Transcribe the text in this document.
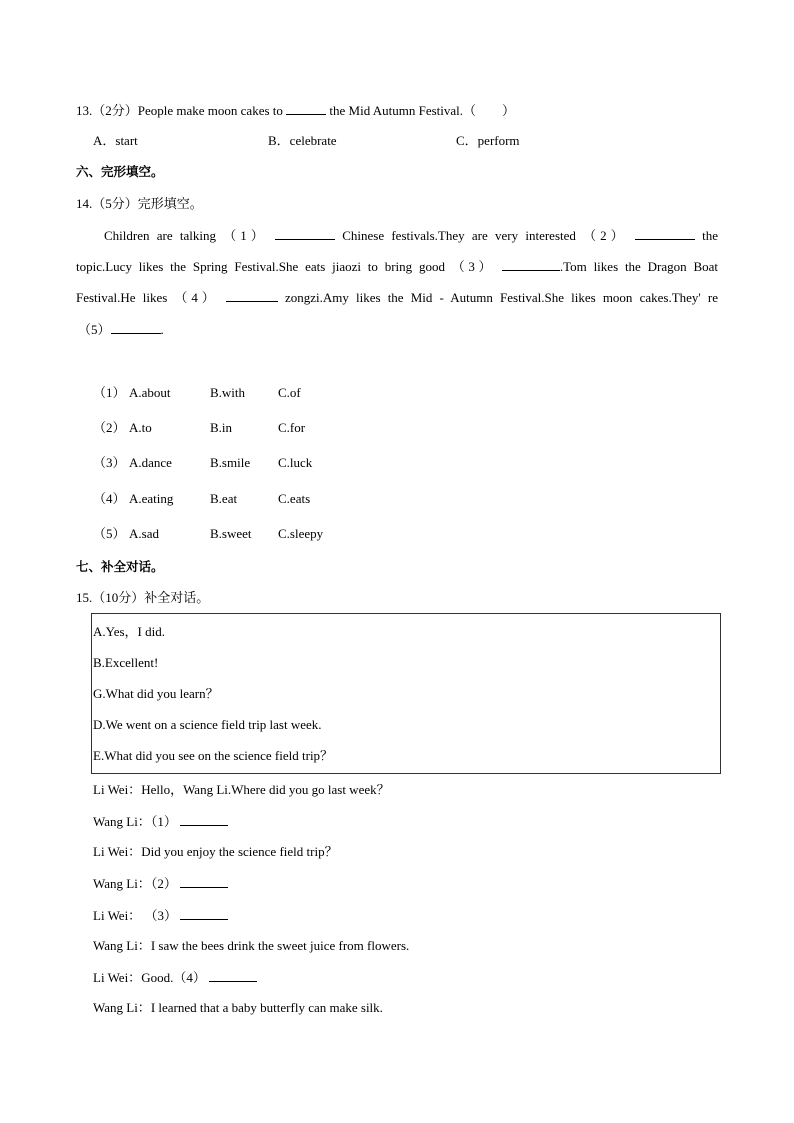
13.（2分）People make moon cakes to	the Mid Autumn Festival.（　　）
A．start	B．celebrate	C．perform
六、完形填空。
14.（5分）完形填空。
Children are talking （1）	Chinese festivals.They are very interested （2）	the
topic.Lucy likes the Spring Festival.She eats jiaozi to bring good （3）	.Tom likes the Dragon Boat
Festival.He likes （4）	zongzi.Amy likes the Mid - Autumn Festival.She likes moon cakes.They' re
（5）	.
（1） A.about	B.with	C.of
（2） A.to	B.in	C.for
（3） A.dance	B.smile C.luck
（4） A.eating	B.eat	C.eats
（5） A.sad	B.sweet C.sleepy
七、补全对话。
15.（10分）补全对话。
A.Yes，I did.
B.Excellent!
G.What did you learn？
D.We went on a science field trip last week.
E.What did you see on the science field trip？
Li Wei：Hello，Wang Li.Where did you go last week？
Wang Li：（1）
Li Wei：Did you enjoy the science field trip？
Wang Li：（2）
Li Wei： （3）
Wang Li：I saw the bees drink the sweet juice from flowers.
Li Wei：Good.（4）
Wang Li：I learned that a baby butterfly can make silk.
